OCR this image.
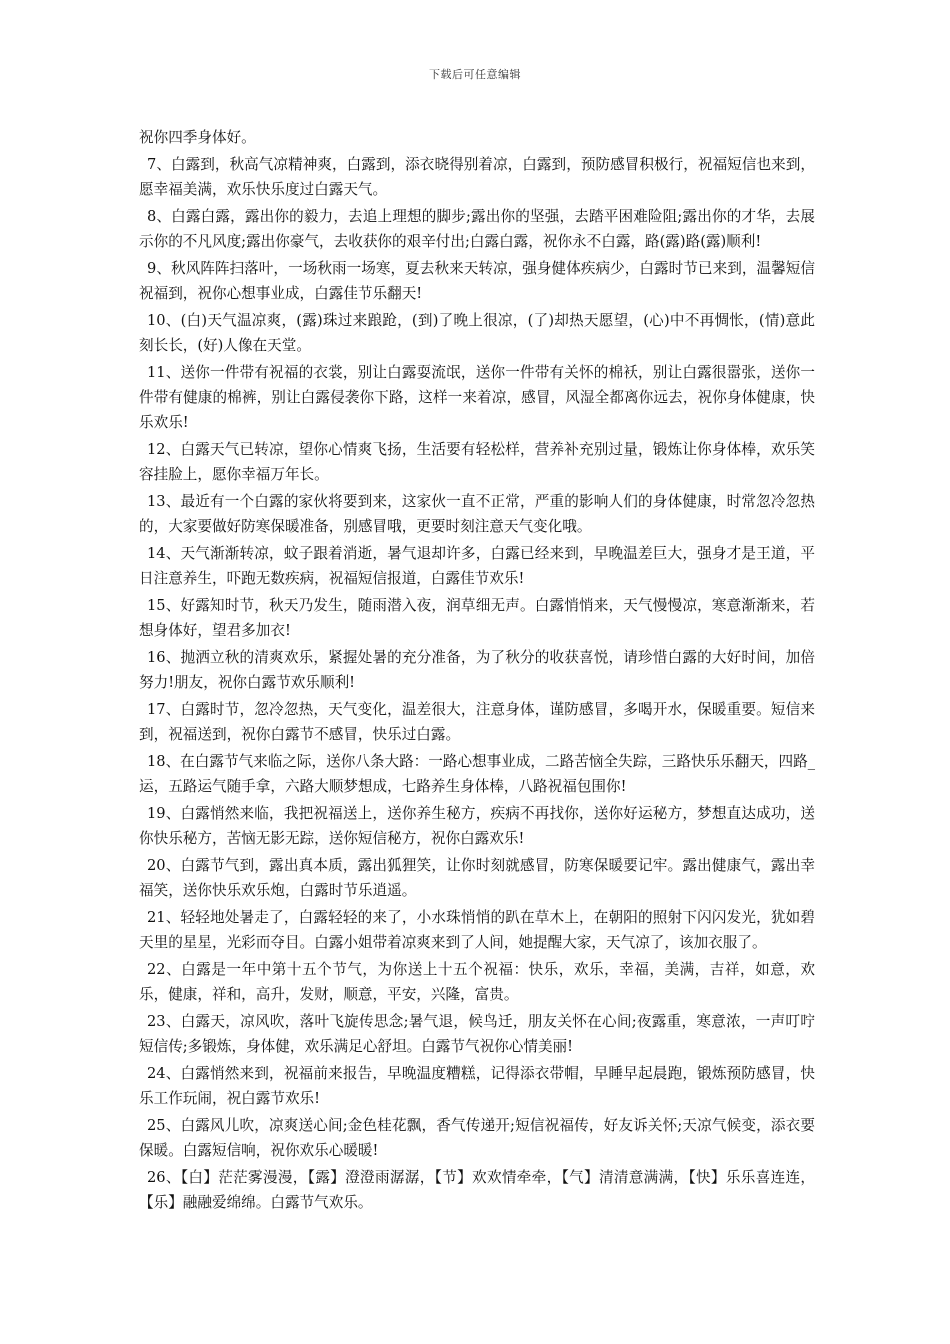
下载后可任意编辑

祝你四季身体好。

7、白露到，秋高气凉精神爽，白露到，添衣晓得别着凉，白露到，预防感冒积极行，祝福短信也来到，愿幸福美满，欢乐快乐度过白露天气。

8、白露白露，露出你的毅力，去追上理想的脚步;露出你的坚强，去踏平困难险阻;露出你的才华，去展示你的不凡风度;露出你豪气，去收获你的艰辛付出;白露白露，祝你永不白露，路(露)路(露)顺利!

9、秋风阵阵扫落叶，一场秋雨一场寒，夏去秋来天转凉，强身健体疾病少，白露时节已来到，温馨短信祝福到，祝你心想事业成，白露佳节乐翻天!

10、(白)天气温凉爽，(露)珠过来踉跄，(到)了晚上很凉，(了)却热天愿望，(心)中不再惆怅，(情)意此刻长长，(好)人像在天堂。

11、送你一件带有祝福的衣裳，别让白露耍流氓，送你一件带有关怀的棉袄，别让白露很嚣张，送你一件带有健康的棉裤，别让白露侵袭你下路，这样一来着凉，感冒，风湿全都离你远去，祝你身体健康，快乐欢乐!

12、白露天气已转凉，望你心情爽飞扬，生活要有轻松样，营养补充别过量，锻炼让你身体棒，欢乐笑容挂脸上，愿你幸福万年长。

13、最近有一个白露的家伙将要到来，这家伙一直不正常，严重的影响人们的身体健康，时常忽冷忽热的，大家要做好防寒保暖准备，别感冒哦，更要时刻注意天气变化哦。

14、天气渐渐转凉，蚊子跟着消逝，暑气退却许多，白露已经来到，早晚温差巨大，强身才是王道，平日注意养生，吓跑无数疾病，祝福短信报道，白露佳节欢乐!

15、好露知时节，秋天乃发生，随雨潜入夜，润草细无声。白露悄悄来，天气慢慢凉，寒意渐渐来，若想身体好，望君多加衣!

16、抛洒立秋的清爽欢乐，紧握处暑的充分准备，为了秋分的收获喜悦，请珍惜白露的大好时间，加倍努力!朋友，祝你白露节欢乐顺利!

17、白露时节，忽冷忽热，天气变化，温差很大，注意身体，谨防感冒，多喝开水，保暖重要。短信来到，祝福送到，祝你白露节不感冒，快乐过白露。

18、在白露节气来临之际，送你八条大路：一路心想事业成，二路苦恼全失踪，三路快乐乐翻天，四路_运，五路运气随手拿，六路大顺梦想成，七路养生身体棒，八路祝福包围你!

19、白露悄然来临，我把祝福送上，送你养生秘方，疾病不再找你，送你好运秘方，梦想直达成功，送你快乐秘方，苦恼无影无踪，送你短信秘方，祝你白露欢乐!

20、白露节气到，露出真本质，露出狐狸笑，让你时刻就感冒，防寒保暖要记牢。露出健康气，露出幸福笑，送你快乐欢乐炮，白露时节乐逍遥。

21、轻轻地处暑走了，白露轻轻的来了，小水珠悄悄的趴在草木上，在朝阳的照射下闪闪发光，犹如碧天里的星星，光彩而夺目。白露小姐带着凉爽来到了人间，她提醒大家，天气凉了，该加衣服了。

22、白露是一年中第十五个节气，为你送上十五个祝福：快乐，欢乐，幸福，美满，吉祥，如意，欢乐，健康，祥和，高升，发财，顺意，平安，兴隆，富贵。

23、白露天，凉风吹，落叶飞旋传思念;暑气退，候鸟迁，朋友关怀在心间;夜露重，寒意浓，一声叮咛短信传;多锻炼，身体健，欢乐满足心舒坦。白露节气祝你心情美丽!

24、白露悄然来到，祝福前来报告，早晚温度糟糕，记得添衣带帽，早睡早起晨跑，锻炼预防感冒，快乐工作玩闹，祝白露节欢乐!

25、白露风儿吹，凉爽送心间;金色桂花飘，香气传递开;短信祝福传，好友诉关怀;天凉气候变，添衣要保暖。白露短信响，祝你欢乐心暖暖!

26、【白】茫茫雾漫漫，【露】澄澄雨潺潺，【节】欢欢情牵牵，【气】清清意满满，【快】乐乐喜连连，【乐】融融爱绵绵。白露节气欢乐。
